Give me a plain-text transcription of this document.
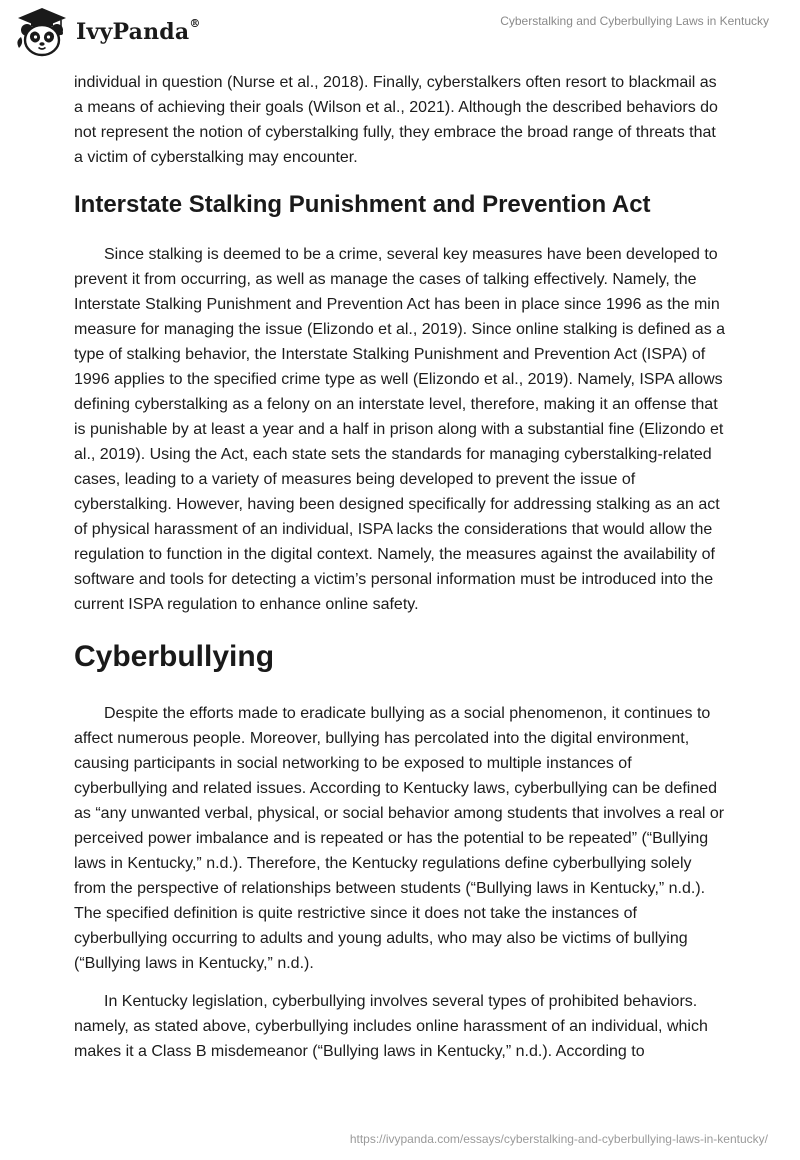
IvyPanda®	Cyberstalking and Cyberbullying Laws in Kentucky

individual in question (Nurse et al., 2018). Finally, cyberstalkers often resort to blackmail as a means of achieving their goals (Wilson et al., 2021). Although the described behaviors do not represent the notion of cyberstalking fully, they embrace the broad range of threats that a victim of cyberstalking may encounter.

Interstate Stalking Punishment and Prevention Act

Since stalking is deemed to be a crime, several key measures have been developed to prevent it from occurring, as well as manage the cases of talking effectively. Namely, the Interstate Stalking Punishment and Prevention Act has been in place since 1996 as the min measure for managing the issue (Elizondo et al., 2019). Since online stalking is defined as a type of stalking behavior, the Interstate Stalking Punishment and Prevention Act (ISPA) of 1996 applies to the specified crime type as well (Elizondo et al., 2019). Namely, ISPA allows defining cyberstalking as a felony on an interstate level, therefore, making it an offense that is punishable by at least a year and a half in prison along with a substantial fine (Elizondo et al., 2019). Using the Act, each state sets the standards for managing cyberstalking-related cases, leading to a variety of measures being developed to prevent the issue of cyberstalking. However, having been designed specifically for addressing stalking as an act of physical harassment of an individual, ISPA lacks the considerations that would allow the regulation to function in the digital context. Namely, the measures against the availability of software and tools for detecting a victim’s personal information must be introduced into the current ISPA regulation to enhance online safety.

Cyberbullying

Despite the efforts made to eradicate bullying as a social phenomenon, it continues to affect numerous people. Moreover, bullying has percolated into the digital environment, causing participants in social networking to be exposed to multiple instances of cyberbullying and related issues. According to Kentucky laws, cyberbullying can be defined as “any unwanted verbal, physical, or social behavior among students that involves a real or perceived power imbalance and is repeated or has the potential to be repeated” (“Bullying laws in Kentucky,” n.d.). Therefore, the Kentucky regulations define cyberbullying solely from the perspective of relationships between students (“Bullying laws in Kentucky,” n.d.). The specified definition is quite restrictive since it does not take the instances of cyberbullying occurring to adults and young adults, who may also be victims of bullying (“Bullying laws in Kentucky,” n.d.).

In Kentucky legislation, cyberbullying involves several types of prohibited behaviors. namely, as stated above, cyberbullying includes online harassment of an individual, which makes it a Class B misdemeanor (“Bullying laws in Kentucky,” n.d.). According to

https://ivypanda.com/essays/cyberstalking-and-cyberbullying-laws-in-kentucky/
